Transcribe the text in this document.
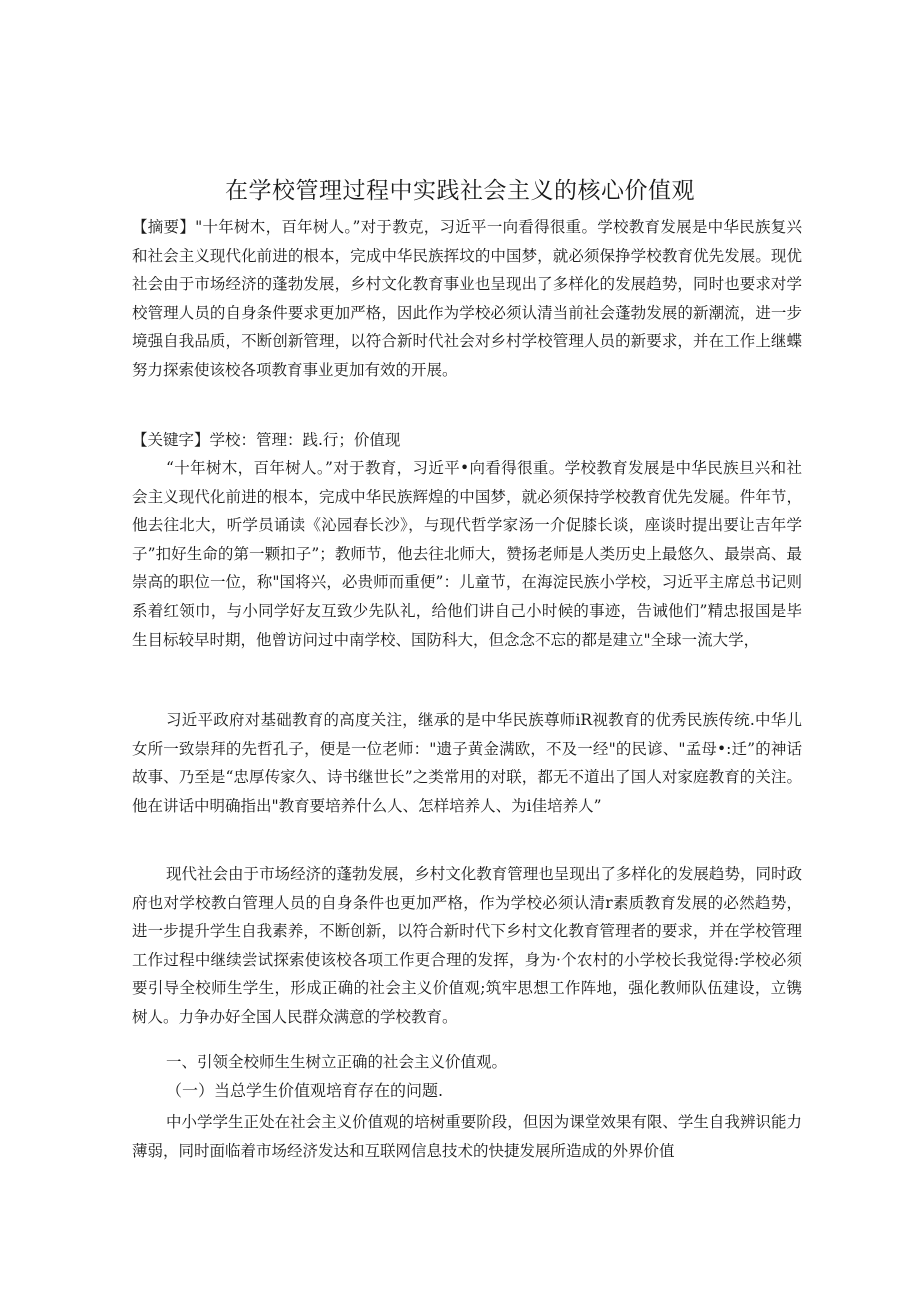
在学校管理过程中实践社会主义的核心价值观

【摘要】"十年树木，百年树人。”对于教克，习近平一向看得很重。学校教育发展是中华民族复兴和社会主义现代化前进的根本，完成中华民族挥坟的中国梦，就必须保挣学校教育优先发展。现优社会由于市场经济的蓬勃发展，乡村文化教育事业也呈现出了多样化的发展趋势，同时也要求对学校管理人员的自身条件要求更加严格，因此作为学校必须认清当前社会蓬勃发展的新潮流，进一步境强自我品质，不断创新管理，以符合新时代社会对乡村学校管理人员的新要求，并在工作上继蝶努力探索使该校各项教育事业更加有效的开展。

【关键字】学校：管理：践.行；价值现

“十年树木，百年树人。”对于教育，习近平•向看得很重。学校教育发展是中华民族旦兴和社会主义现代化前进的根本，完成中华民族辉煌的中国梦，就必须保持学校教育优先发屣。件年节，他去往北大，听学员诵读《沁园春长沙》，与现代哲学家汤一介促膝长谈，座谈时提出要让吉年学子”扣好生命的第一颗扣子”；教师节，他去往北师大，赞扬老师是人类历史上最悠久、最崇高、最崇高的职位一位，称"国将兴，必贵师而重便”：儿童节，在海淀民族小学校，习近平主席总书记则系着红领巾，与小同学好友互致少先队礼，给他们讲自己小时候的事迹，告诫他们”精忠报国是毕生目标较早时期，他曾访问过中南学校、国防科大，但念念不忘的都是建立"全球一流大学，

习近平政府对基础教育的高度关注，继承的是中华民族尊师iR视教育的优秀民族传统.中华儿女所一致崇拜的先哲孔子，便是一位老师："遗子黄金满欧，不及一经"的民谚、"孟母•:迁”的神话故事、乃至是“忠厚传家久、诗书继世长”之类常用的对联，都无不道出了国人对家庭教育的关注。他在讲话中明确指出"教育要培养什么人、怎样培养人、为i佳培养人”

现代社会由于市场经济的蓬勃发展，乡村文化教育管理也呈现出了多样化的发展趋势，同时政府也对学校教白管理人员的自身条件也更加严格，作为学校必须认清r素质教育发展的必然趋势，进一步提升学生自我素养，不断创新，以符合新时代下乡村文化教育管理者的要求，并在学校管理工作过程中继续尝试探索使该校各项工作更合理的发挥，身为·个农村的小学校长我觉得:学校必须要引导全校师生学生，形成正确的社会主义价值观;筑牢思想工作阵地，强化教师队伍建设，立镌树人。力争办好全国人民群众满意的学校教育。

一、引领全校师生生树立正确的社会主义价值观。

（一）当总学生价值观培育存在的问题.

中小学学生正处在社会主义价值观的培树重要阶段，但因为课堂效果有限、学生自我辨识能力薄弱，同时面临着市场经济发达和互联网信息技术的快捷发展所造成的外界价值
